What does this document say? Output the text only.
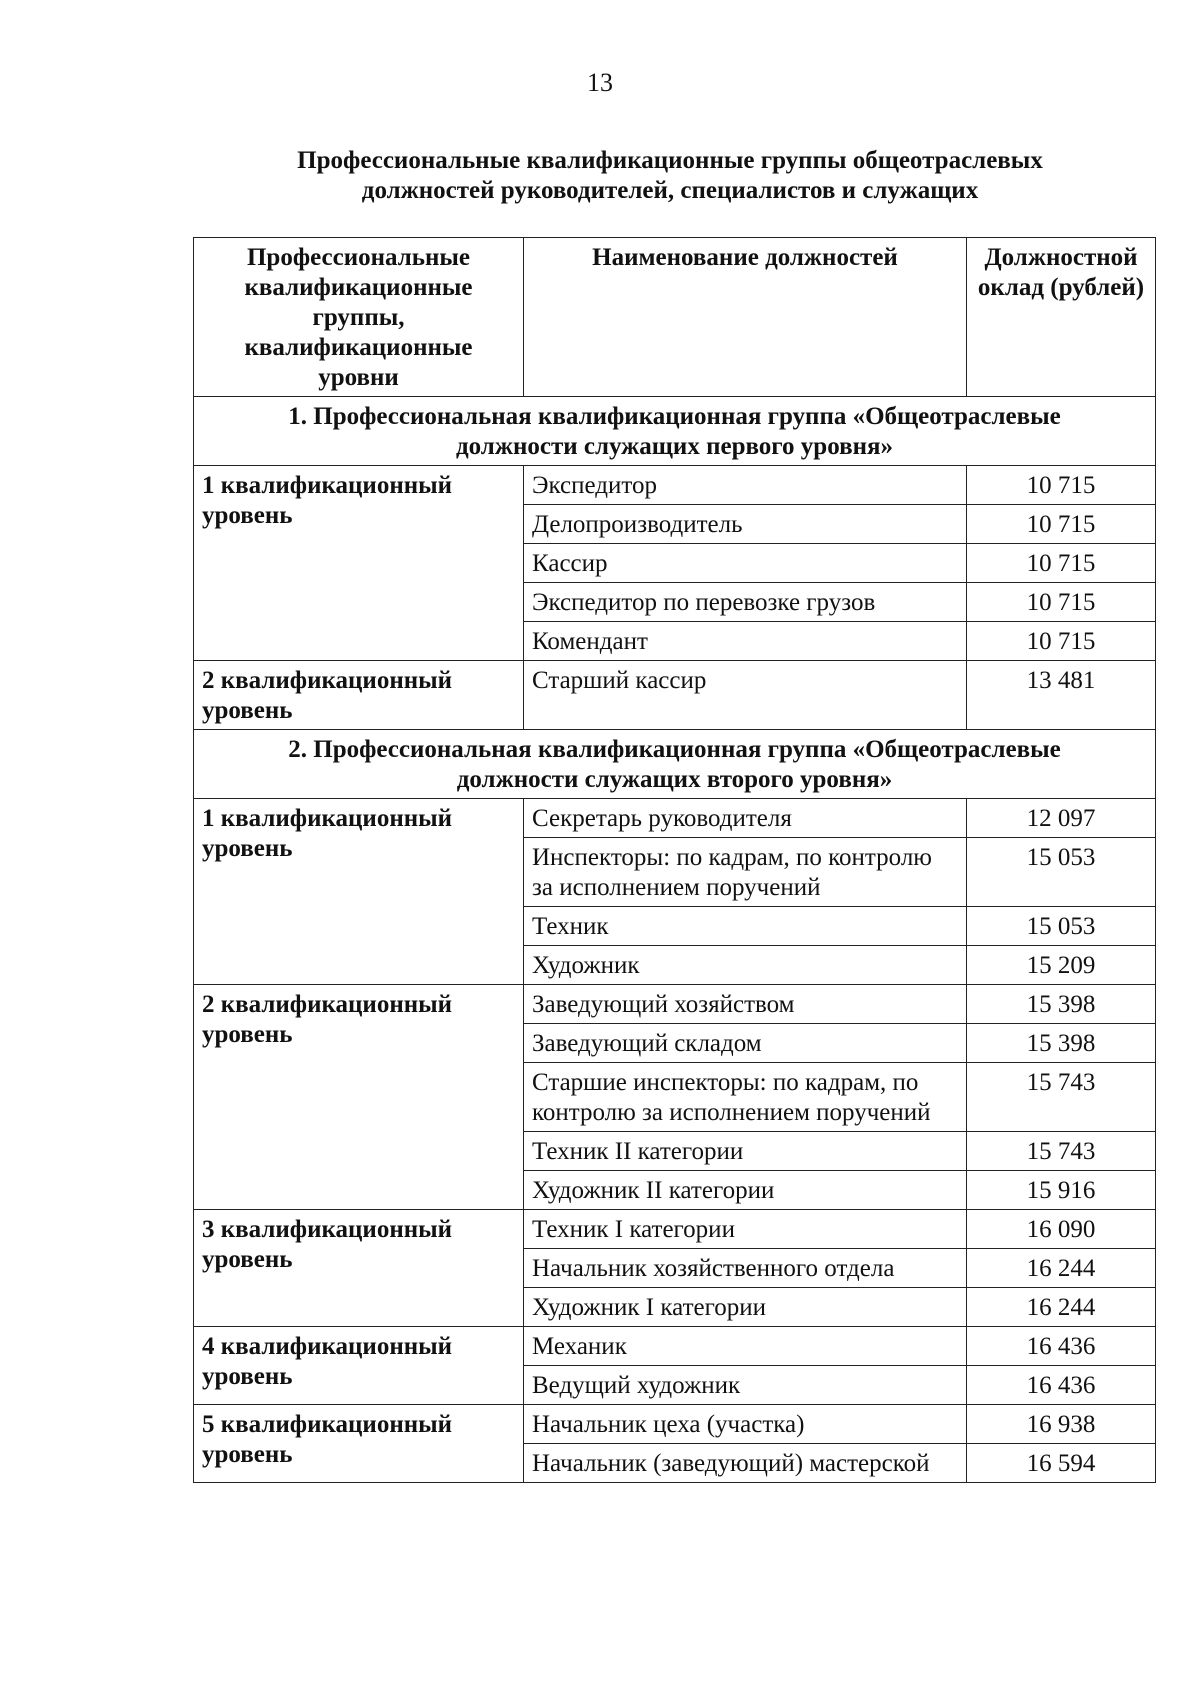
13
Профессиональные квалификационные группы общеотраслевых
должностей руководителей, специалистов и служащих
Профессиональные квалификационные группы, квалификационные уровни	Наименование должностей	Должностной оклад (рублей)

1. Профессиональная квалификационная группа «Общеотраслевые
должности служащих первого уровня»		

1 квалификационный уровень	Экспедитор	10 715
	Делопроизводитель	10 715
	Кассир	10 715
	Экспедитор по перевозке грузов	10 715
	Комендант	10 715
2 квалификационный уровень	Старший кассир	13 481

2. Профессиональная квалификационная группа «Общеотраслевые
должности служащих второго уровня»		

1 квалификационный уровень	Секретарь руководителя	12 097
	Инспекторы: по кадрам, по контролю за исполнением поручений	15 053
	Техник	15 053
	Художник	15 209
2 квалификационный уровень	Заведующий хозяйством	15 398
	Заведующий складом	15 398
	Старшие инспекторы: по кадрам, по контролю за исполнением поручений	15 743
	Техник II категории	15 743
	Художник II категории	15 916
3 квалификационный уровень	Техник I категории	16 090
	Начальник хозяйственного отдела	16 244
	Художник I категории	16 244
4 квалификационный уровень	Механик	16 436
	Ведущий художник	16 436
5 квалификационный уровень	Начальник цеха (участка)	16 938
	Начальник (заведующий) мастерской	16 594
